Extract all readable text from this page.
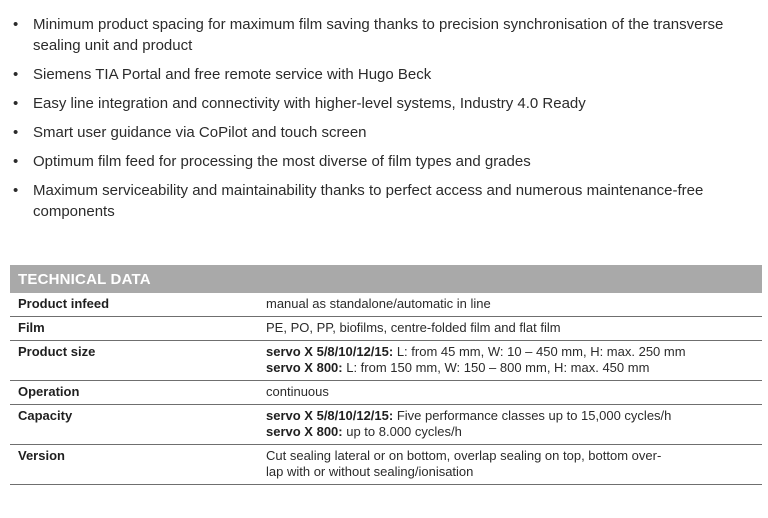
• Minimum product spacing for maximum film saving thanks to precision synchronisation of the transverse sealing unit and product
• Siemens TIA Portal and free remote service with Hugo Beck
• Easy line integration and connectivity with higher-level systems, Industry 4.0 Ready
• Smart user guidance via CoPilot and touch screen
• Optimum film feed for processing the most diverse of film types and grades
• Maximum serviceability and maintainability thanks to perfect access and numerous maintenance-free components
TECHNICAL DATA
Product infeed	manual as standalone/automatic in line
Film	PE, PO, PP, biofilms, centre-folded film and flat film
Product size	servo X 5/8/10/12/15: L: from 45 mm, W: 10 – 450 mm, H: max. 250 mm
servo X 800: L: from 150 mm, W: 150 – 800 mm, H: max. 450 mm
Operation	continuous
Capacity	servo X 5/8/10/12/15: Five performance classes up to 15,000 cycles/h
servo X 800: up to 8.000 cycles/h
Version	Cut sealing lateral or on bottom, overlap sealing on top, bottom over-
lap with or without sealing/ionisation
